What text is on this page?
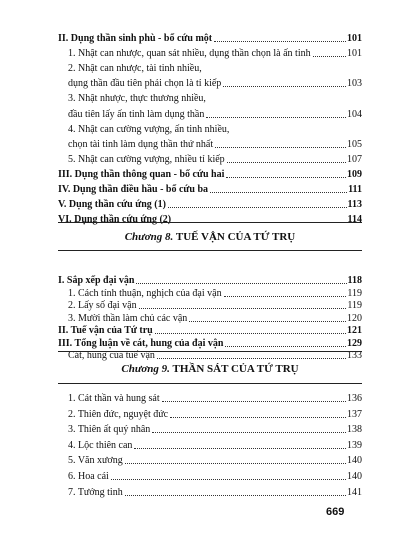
II. Dụng thần sinh phù - bổ cứu một	101
1. Nhật can nhược, quan sát nhiều, dụng thần chọn là ấn tinh	101
2. Nhật can nhược, tài tinh nhiều,
dụng thần đầu tiên phải chọn là tỉ kiếp	103
3. Nhật nhược, thực thương nhiều,
đầu tiên lấy ấn tinh làm dụng thần	104
4. Nhật can cường vượng, ấn tinh nhiều,
chọn tài tinh làm dụng thần thứ nhất	105
5. Nhật can cường vượng, nhiều tỉ kiếp	107
III. Dụng thần thông quan - bổ cứu hai	109
IV. Dụng thần điều hầu - bổ cứu ba	111
V. Dụng thần cứu ứng (1)	113
VI. Dụng thần cứu ứng (2)	114
Chương 8. TUẾ VẬN CỦA TỨ TRỤ
I. Sắp xếp đại vận	118
1. Cách tính thuận, nghịch của đại vận	119
2. Lấy số đại vận	119
3. Mười thần làm chủ các vận	120
II. Tuế vận của Tứ trụ	121
III. Tổng luận về cát, hung của đại vận	129
Cát, hung của tuế vận	133
Chương 9. THẦN SÁT CỦA TỨ TRỤ
1. Cát thần và hung sát	136
2. Thiên đức, nguyệt đức	137
3. Thiên ất quý nhân	138
4. Lộc thiên can	139
5. Văn xương	140
6. Hoa cái	140
7. Tướng tinh	141
669
